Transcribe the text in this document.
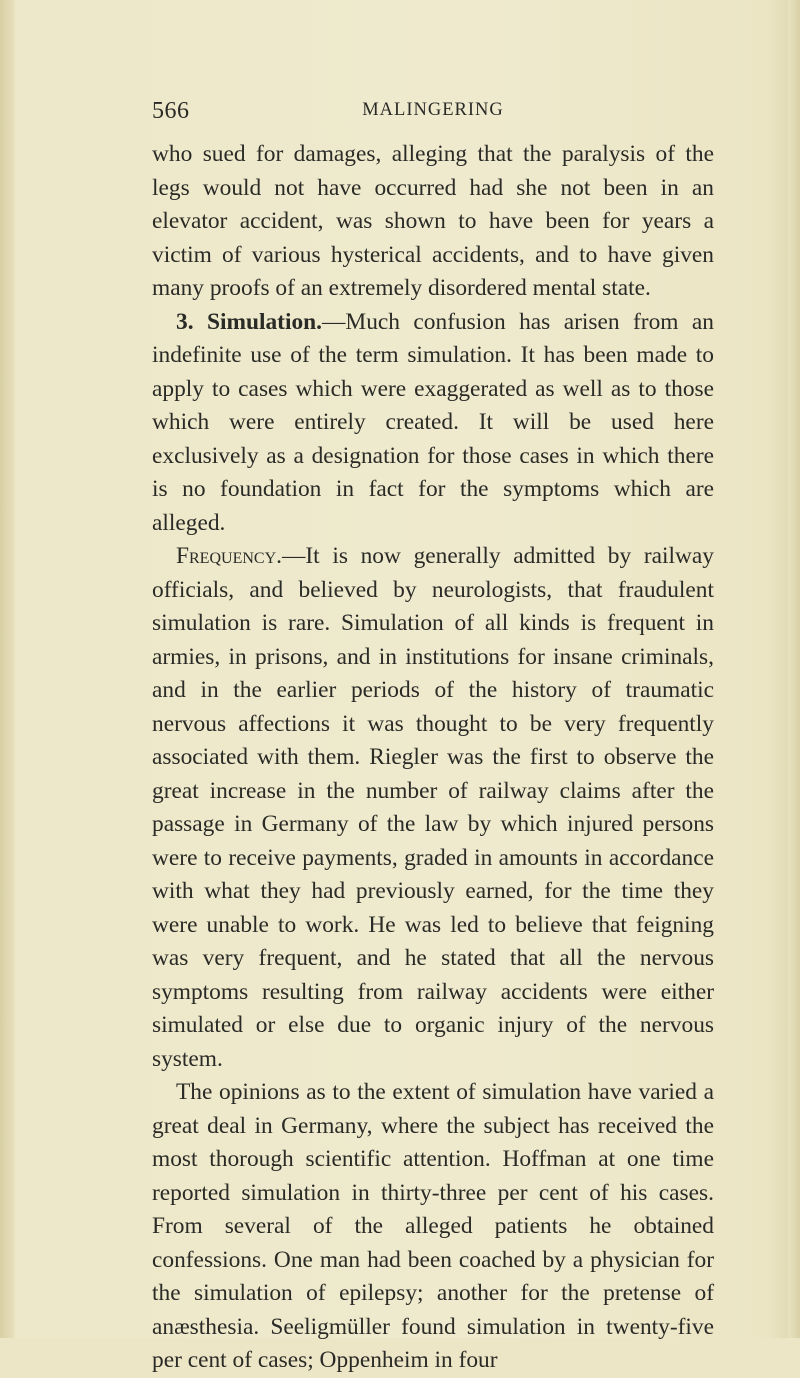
566	MALINGERING

who sued for damages, alleging that the paralysis of the legs would not have occurred had she not been in an elevator accident, was shown to have been for years a victim of various hysterical accidents, and to have given many proofs of an extremely disordered mental state.

3. Simulation.—Much confusion has arisen from an indefinite use of the term simulation. It has been made to apply to cases which were exaggerated as well as to those which were entirely created. It will be used here exclusively as a designation for those cases in which there is no foundation in fact for the symptoms which are alleged.

Frequency.—It is now generally admitted by railway officials, and believed by neurologists, that fraudulent simulation is rare. Simulation of all kinds is frequent in armies, in prisons, and in institutions for insane criminals, and in the earlier periods of the history of traumatic nervous affections it was thought to be very frequently associated with them. Riegler was the first to observe the great increase in the number of railway claims after the passage in Germany of the law by which injured persons were to receive payments, graded in amounts in accordance with what they had previously earned, for the time they were unable to work. He was led to believe that feigning was very frequent, and he stated that all the nervous symptoms resulting from railway accidents were either simulated or else due to organic injury of the nervous system.

The opinions as to the extent of simulation have varied a great deal in Germany, where the subject has received the most thorough scientific attention. Hoffman at one time reported simulation in thirty-three per cent of his cases. From several of the alleged patients he obtained confessions. One man had been coached by a physician for the simulation of epilepsy; another for the pretense of anæsthesia. Seeligmüller found simulation in twenty-five per cent of cases; Oppenheim in four
